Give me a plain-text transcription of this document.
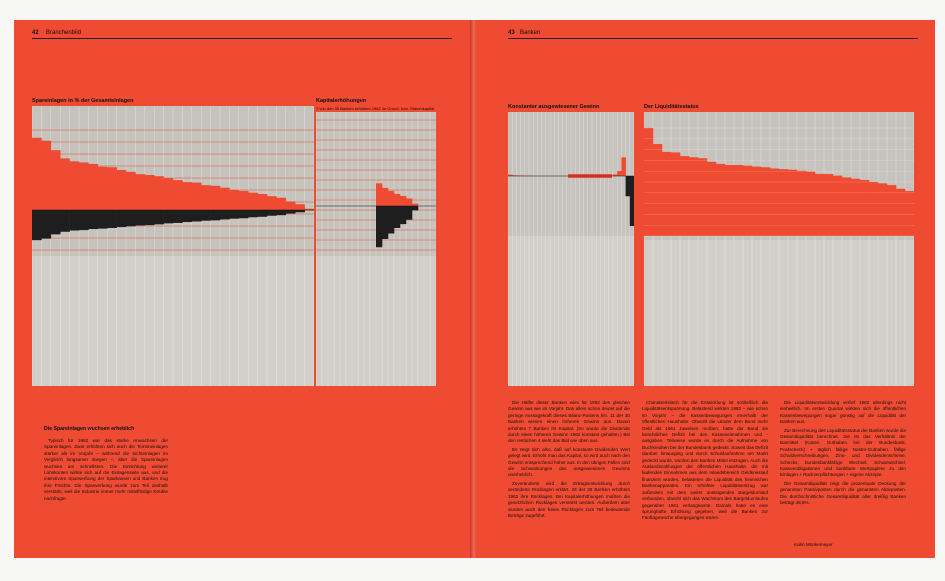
42 Branchenbild
Spareinlagen in % der Gesamteinlagen	Kapitalerhöhungen
7 von den 30 Banken erhöhten 1962 ihr Grund- bzw. Stammkapital
Die Spareinlagen wuchsen erheblich

Typisch für 1962 war das starke Anwachsen der Spareinlagen. Zwar erhöhten sich auch die Termineinlagen stärker als im Vorjahr – während die Sichteinlagen im Vergleich langsamer stiegen –, aber die Spareinlagen wuchsen am schnellsten. Die Einrichtung weiterer Lohnkonten wirkte sich auf die Einlagenseite aus, und die intensivere Sparwerbung der Sparkassen und Banken trug ihre Früchte. Die Sparwerbung wurde zum Teil deshalb verstärkt, weil die Industrie immer mehr mittelfristige Kredite nachfragte.

43 Banken
Konstanter ausgewiesener Gewinn	Der Liquiditätsstatus

Die Hälfte dieser Banken wies für 1962 den gleichen Gewinn aus wie im Vorjahr. Das allein schon deutet auf die geringe Aussagekraft dieses Bilanz-Postens hin. 11 der 30 Banken wiesen einen höheren Gewinn aus. Davon erhöhten 7 Banken ihr Kapital. (So wurde die Dividende durch einen höheren Gewinn 1962 konstant gehalten.) Bei den restlichen 4 sieht das Bild wie oben aus.

Es zeigt sich also, daß auf konstante Dividenden Wert gelegt wird. Erhöht man das Kapital, so wird auch nach den Gewinn entsprechend höher aus. In den übrigen Fällen sind die Schwankungen des ausgewiesenen Gewinns unerheblich.

Zuveränderte wird die Ertragsentwicklung durch veränderte Rücklagen erklärt. 26 der 30 Banken erhöhten 1962 ihre Rücklagen. Bei Kapitalerhöhungen mußten die gesetzlichen Rücklagen verstärkt werden. Außerdem aber wurden auch den freien Rücklagen zum Teil bedeutende Beträge zugeführt.

Charakteristisch für die Entwicklung ist schließlich die Liquiditätsentspannung. Belastend wirkten 1962 – wie schon im Vorjahr – die Kassenbewegungen innerhalb der öffentlichen Haushalte. Obwohl die Länder dem Bund mehr Geld als 1961 zuweisen mußten, hatte der Bund sie beachtliches Defizit bei den Kasseneinnahmen und -ausgaben. Teilweise wurde es durch die Aufnahme von Buchkrediten bei der Bundesbank gedeckt. Soweit das Defizit darüber hinausging und durch Schuldaufnahme am Markt gedeckt wurde, wurden den Banken Mittel entzogen. Auch die Auslandszahlungen der öffentlichen Haushalte, die mit laufenden Einnahmen aus dem Inlandsbereich Geldkreislauf finanziert wurden, belasteten die Liquidität des heimischen Bankenapparates. Ein erhöhter Liquiditätsentzug war außerdem mit dem weiter ansteigenden Bargeldumlauf verbunden, obwohl sich das Wachstum des Bargeldumlaufes gegenüber 1961 verlangsamte. Damals hatte es eine sprunghafte Erhöhung gegeben, weil die Banken zur Fünftagewoche übergegangen waren.

Die Liquiditätsentwicklung verlief 1962 allerdings nicht einheitlich. Im ersten Quartal wirkten sich die öffentlichen Kassenbewegungen sogar günstig auf die Liquidität der Banken aus.

Zur Berechnung des Liquiditätsstatus der Banken wurde die Gesamtliquidität berechnet. Sie ist das Verhältnis der Barmittel (Kasse, Guthaben bei der Bundesbank, Postscheck) + täglich fällige Nostro-Guthaben, fällige Schuldverschreibungen, Zins- und Dividendenscheine, Schecks, bundesbankfähige Wechsel, Schatzwechsel, Kassenobligationen und bankbare Wertpapiere zu den Einlagen + Rückverpflichtungen + eigene Akzepte.

Die Gesamtliquidität zeigt die prozentuale Deckung der genannten Passivposten durch die genannten Aktivposten. Die durchschnittliche Gesamtliquidität aller dreißig Banken beträgt 48,8%.

Karin Münkemeyer
